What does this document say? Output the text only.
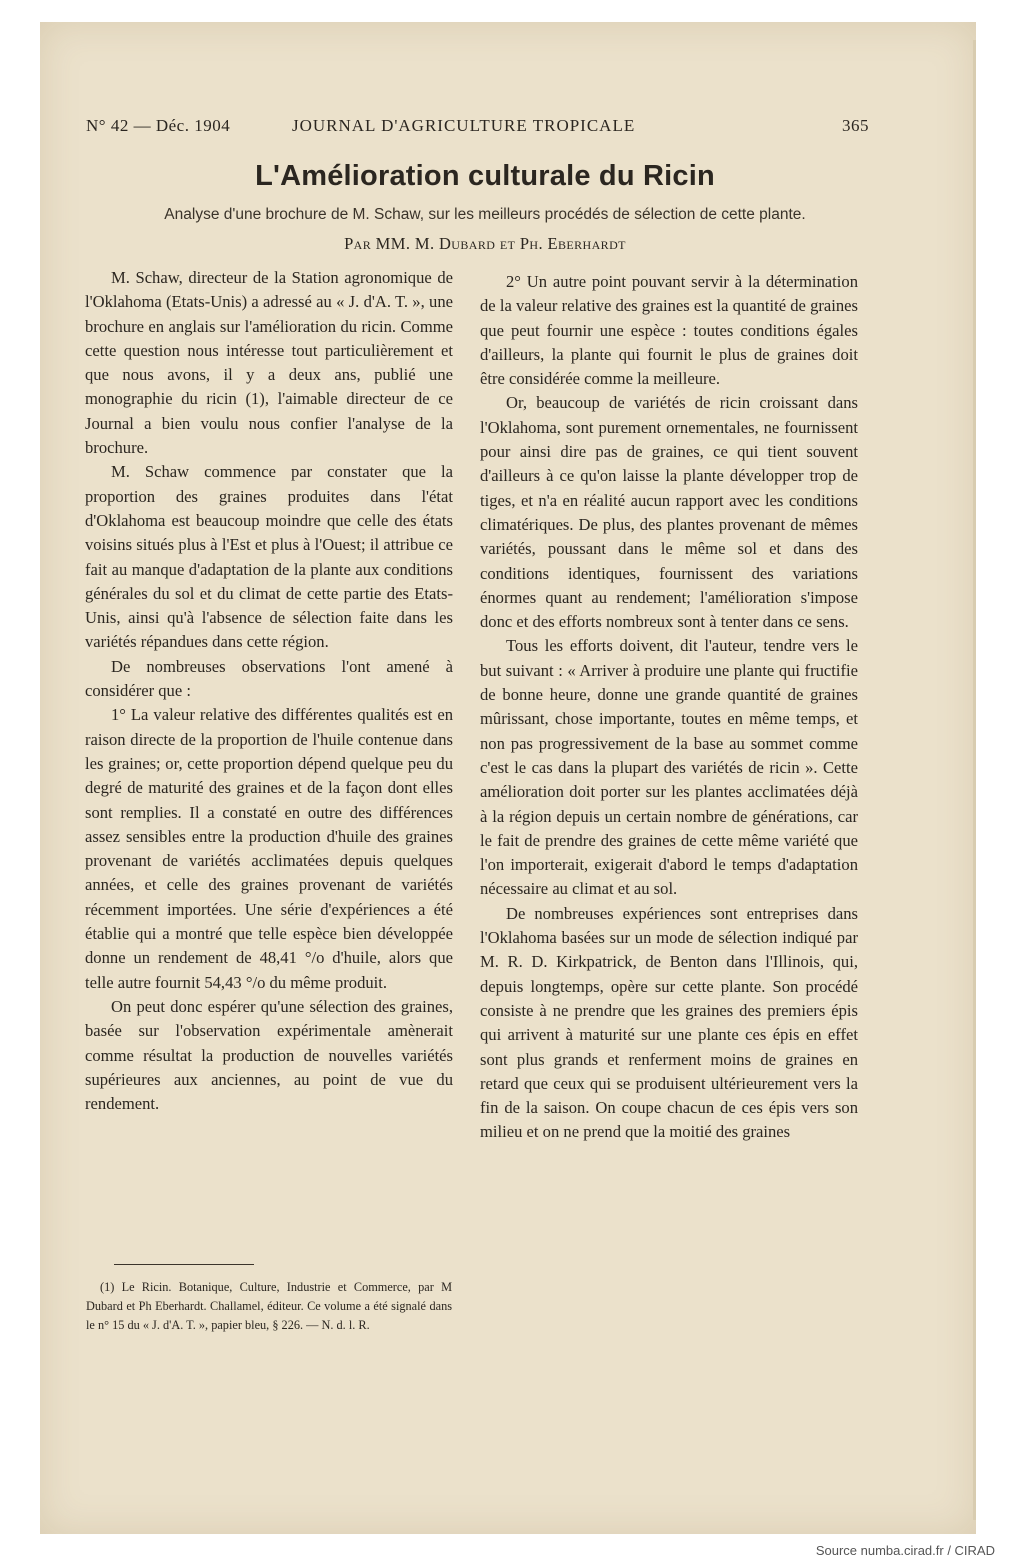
N° 42 — Déc. 1904	JOURNAL D'AGRICULTURE TROPICALE	365
L'Amélioration culturale du Ricin
Analyse d'une brochure de M. Schaw, sur les meilleurs procédés de sélection de cette plante.
Par MM. M. Dubard et Ph. Eberhardt

M. Schaw, directeur de la Station agronomique de l'Oklahoma (Etats-Unis) a adressé au « J. d'A. T. », une brochure en anglais sur l'amélioration du ricin. Comme cette question nous intéresse tout particulièrement et que nous avons, il y a deux ans, publié une monographie du ricin (1), l'aimable directeur de ce Journal a bien voulu nous confier l'analyse de la brochure.

M. Schaw commence par constater que la proportion des graines produites dans l'état d'Oklahoma est beaucoup moindre que celle des états voisins situés plus à l'Est et plus à l'Ouest; il attribue ce fait au manque d'adaptation de la plante aux conditions générales du sol et du climat de cette partie des Etats-Unis, ainsi qu'à l'absence de sélection faite dans les variétés répandues dans cette région.

De nombreuses observations l'ont amené à considérer que :

1° La valeur relative des différentes qualités est en raison directe de la proportion de l'huile contenue dans les graines; or, cette proportion dépend quelque peu du degré de maturité des graines et de la façon dont elles sont remplies. Il a constaté en outre des différences assez sensibles entre la production d'huile des graines provenant de variétés acclimatées depuis quelques années, et celle des graines provenant de variétés récemment importées. Une série d'expériences a été établie qui a montré que telle espèce bien développée donne un rendement de 48,41 °/o d'huile, alors que telle autre fournit 54,43 °/o du même produit.

On peut donc espérer qu'une sélection des graines, basée sur l'observation expérimentale amènerait comme résultat la production de nouvelles variétés supérieures aux anciennes, au point de vue du rendement.

(1) Le Ricin. Botanique, Culture, Industrie et Commerce, par M Dubard et Ph Eberhardt. Challamel, éditeur. Ce volume a été signalé dans le n° 15 du « J. d'A. T. », papier bleu, § 226. — N. d. l. R.

2° Un autre point pouvant servir à la détermination de la valeur relative des graines est la quantité de graines que peut fournir une espèce : toutes conditions égales d'ailleurs, la plante qui fournit le plus de graines doit être considérée comme la meilleure.

Or, beaucoup de variétés de ricin croissant dans l'Oklahoma, sont purement ornementales, ne fournissent pour ainsi dire pas de graines, ce qui tient souvent d'ailleurs à ce qu'on laisse la plante développer trop de tiges, et n'a en réalité aucun rapport avec les conditions climatériques. De plus, des plantes provenant de mêmes variétés, poussant dans le même sol et dans des conditions identiques, fournissent des variations énormes quant au rendement; l'amélioration s'impose donc et des efforts nombreux sont à tenter dans ce sens.

Tous les efforts doivent, dit l'auteur, tendre vers le but suivant : « Arriver à produire une plante qui fructifie de bonne heure, donne une grande quantité de graines mûrissant, chose importante, toutes en même temps, et non pas progressivement de la base au sommet comme c'est le cas dans la plupart des variétés de ricin ». Cette amélioration doit porter sur les plantes acclimatées déjà à la région depuis un certain nombre de générations, car le fait de prendre des graines de cette même variété que l'on importerait, exigerait d'abord le temps d'adaptation nécessaire au climat et au sol.

De nombreuses expériences sont entreprises dans l'Oklahoma basées sur un mode de sélection indiqué par M. R. D. Kirkpatrick, de Benton dans l'Illinois, qui, depuis longtemps, opère sur cette plante. Son procédé consiste à ne prendre que les graines des premiers épis qui arrivent à maturité sur une plante ces épis en effet sont plus grands et renferment moins de graines en retard que ceux qui se produisent ultérieurement vers la fin de la saison. On coupe chacun de ces épis vers son milieu et on ne prend que la moitié des graines

Source numba.cirad.fr / CIRAD
